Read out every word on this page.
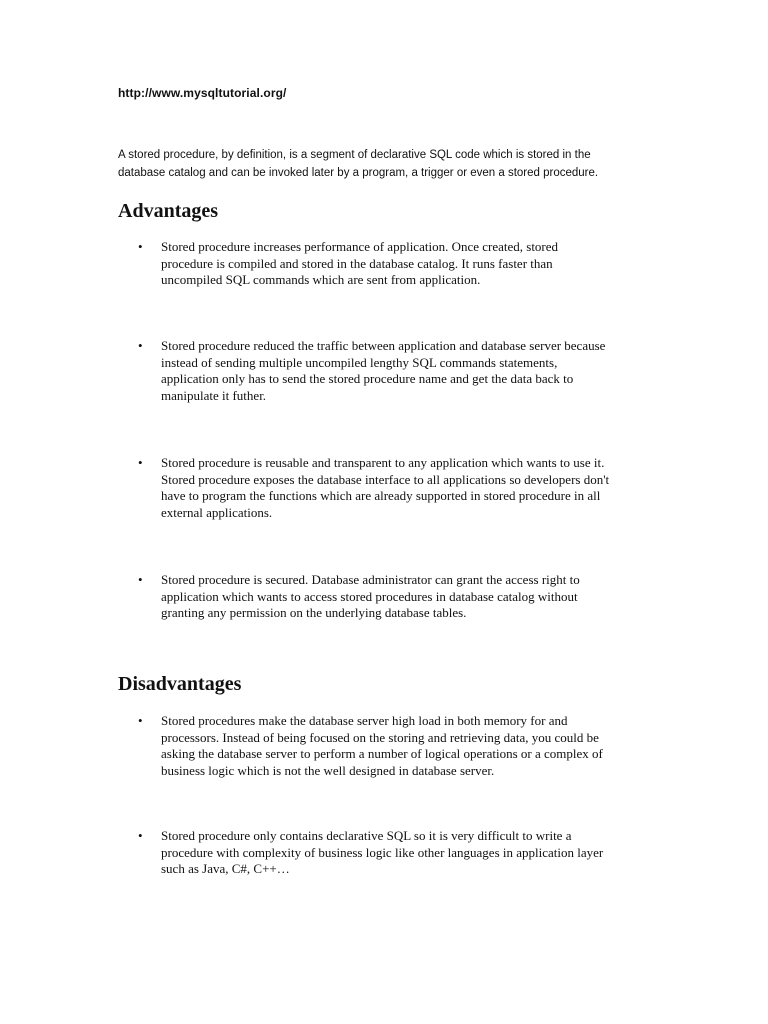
http://www.mysqltutorial.org/
A stored procedure, by definition, is a segment of declarative SQL code which is stored in the
database catalog and can be invoked later by a program, a trigger or even a stored procedure.
Advantages
•	Stored procedure increases performance of application. Once created, stored
procedure is compiled and stored in the database catalog. It runs faster than
uncompiled SQL commands which are sent from application.
•	Stored procedure reduced the traffic between application and database server because
instead of sending multiple uncompiled lengthy SQL commands statements,
application only has to send the stored procedure name and get the data back to
manipulate it futher.
•	Stored procedure is reusable and transparent to any application which wants to use it.
Stored procedure exposes the database interface to all applications so developers don't
have to program the functions which are already supported in stored procedure in all
external applications.
•	Stored procedure is secured. Database administrator can grant the access right to
application which wants to access stored procedures in database catalog without
granting any permission on the underlying database tables.
Disadvantages
•	Stored procedures make the database server high load in both memory for and
processors. Instead of being focused on the storing and retrieving data, you could be
asking the database server to perform a number of logical operations or a complex of
business logic which is not the well designed in database server.
•	Stored procedure only contains declarative SQL so it is very difficult to write a
procedure with complexity of business logic like other languages in application layer
such as Java, C#, C++…
